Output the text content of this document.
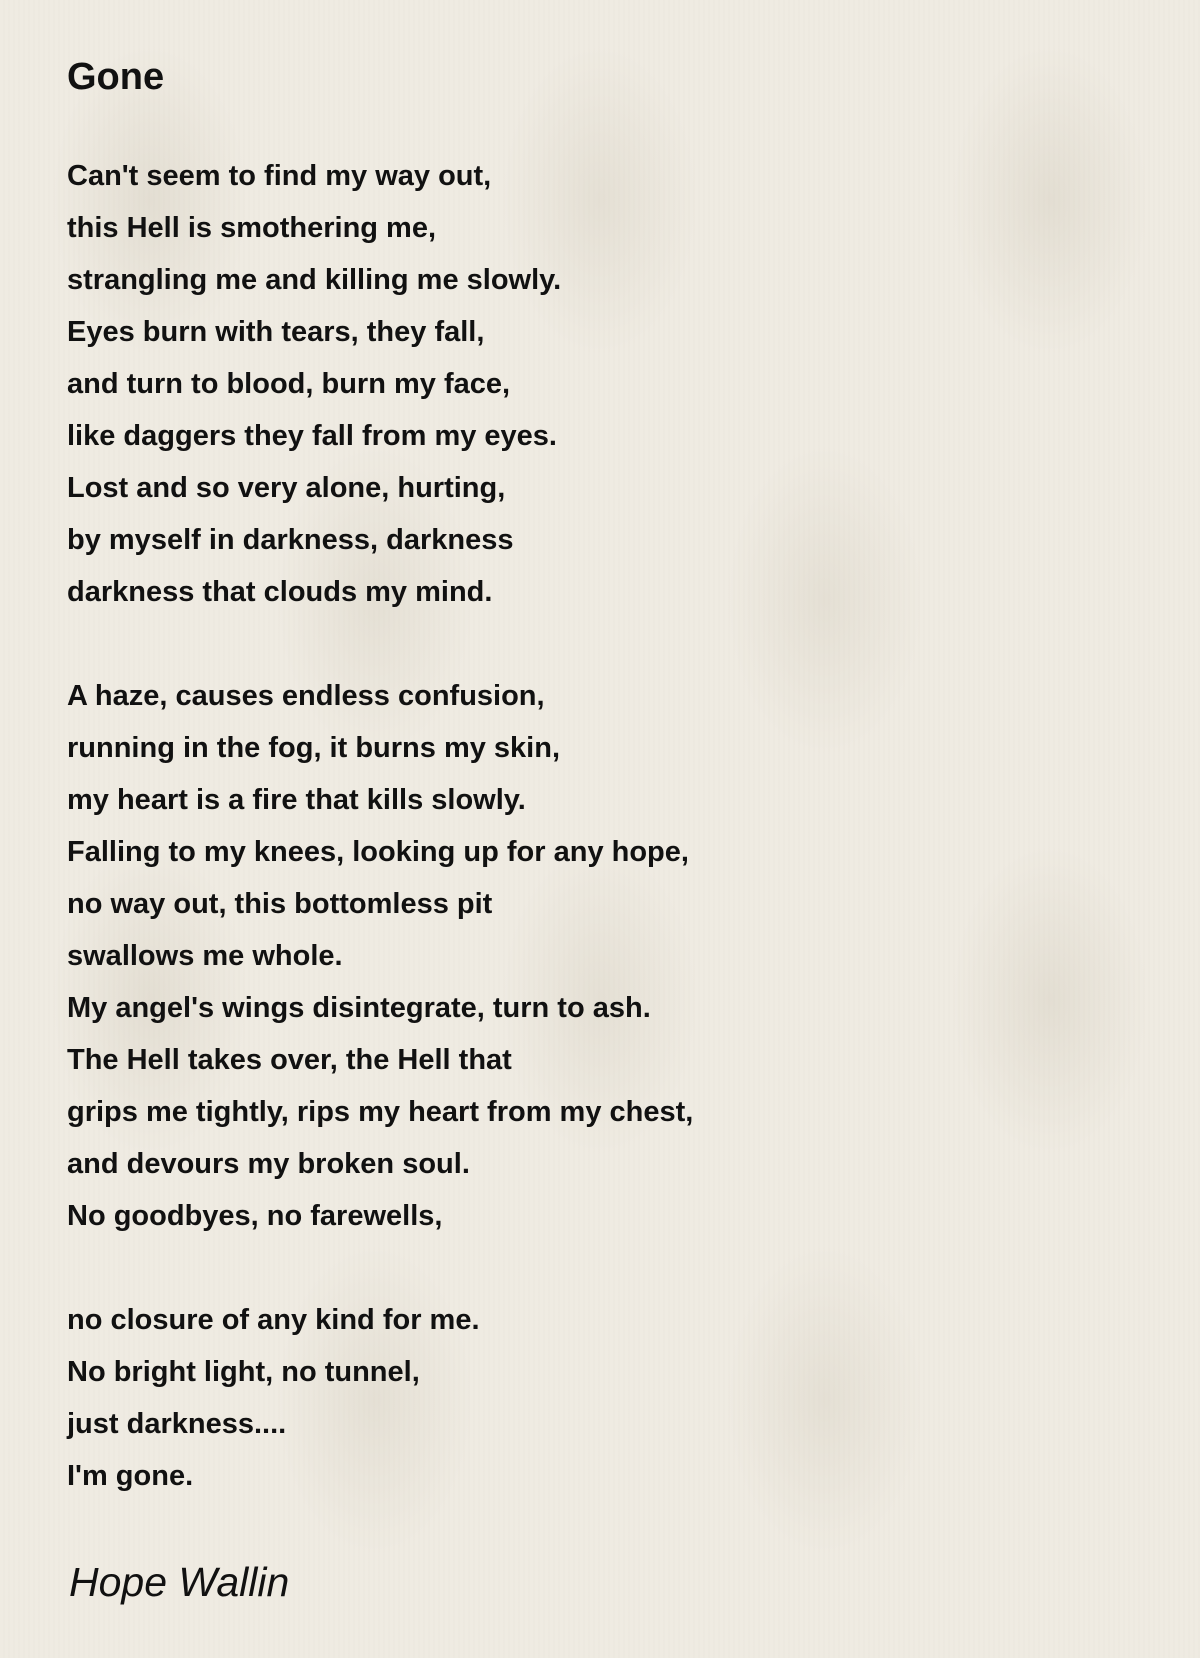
Gone
Can't seem to find my way out,
this Hell is smothering me,
strangling me and killing me slowly.
Eyes burn with tears, they fall,
and turn to blood, burn my face,
like daggers they fall from my eyes.
Lost and so very alone, hurting,
by myself in darkness, darkness
darkness that clouds my mind.
A haze, causes endless confusion,
running in the fog, it burns my skin,
my heart is a fire that kills slowly.
Falling to my knees, looking up for any hope,
no way out, this bottomless pit
swallows me whole.
My angel's wings disintegrate, turn to ash.
The Hell takes over, the Hell that
grips me tightly, rips my heart from my chest,
and devours my broken soul.
No goodbyes, no farewells,
no closure of any kind for me.
No bright light, no tunnel,
just darkness....
I'm gone.
Hope Wallin
